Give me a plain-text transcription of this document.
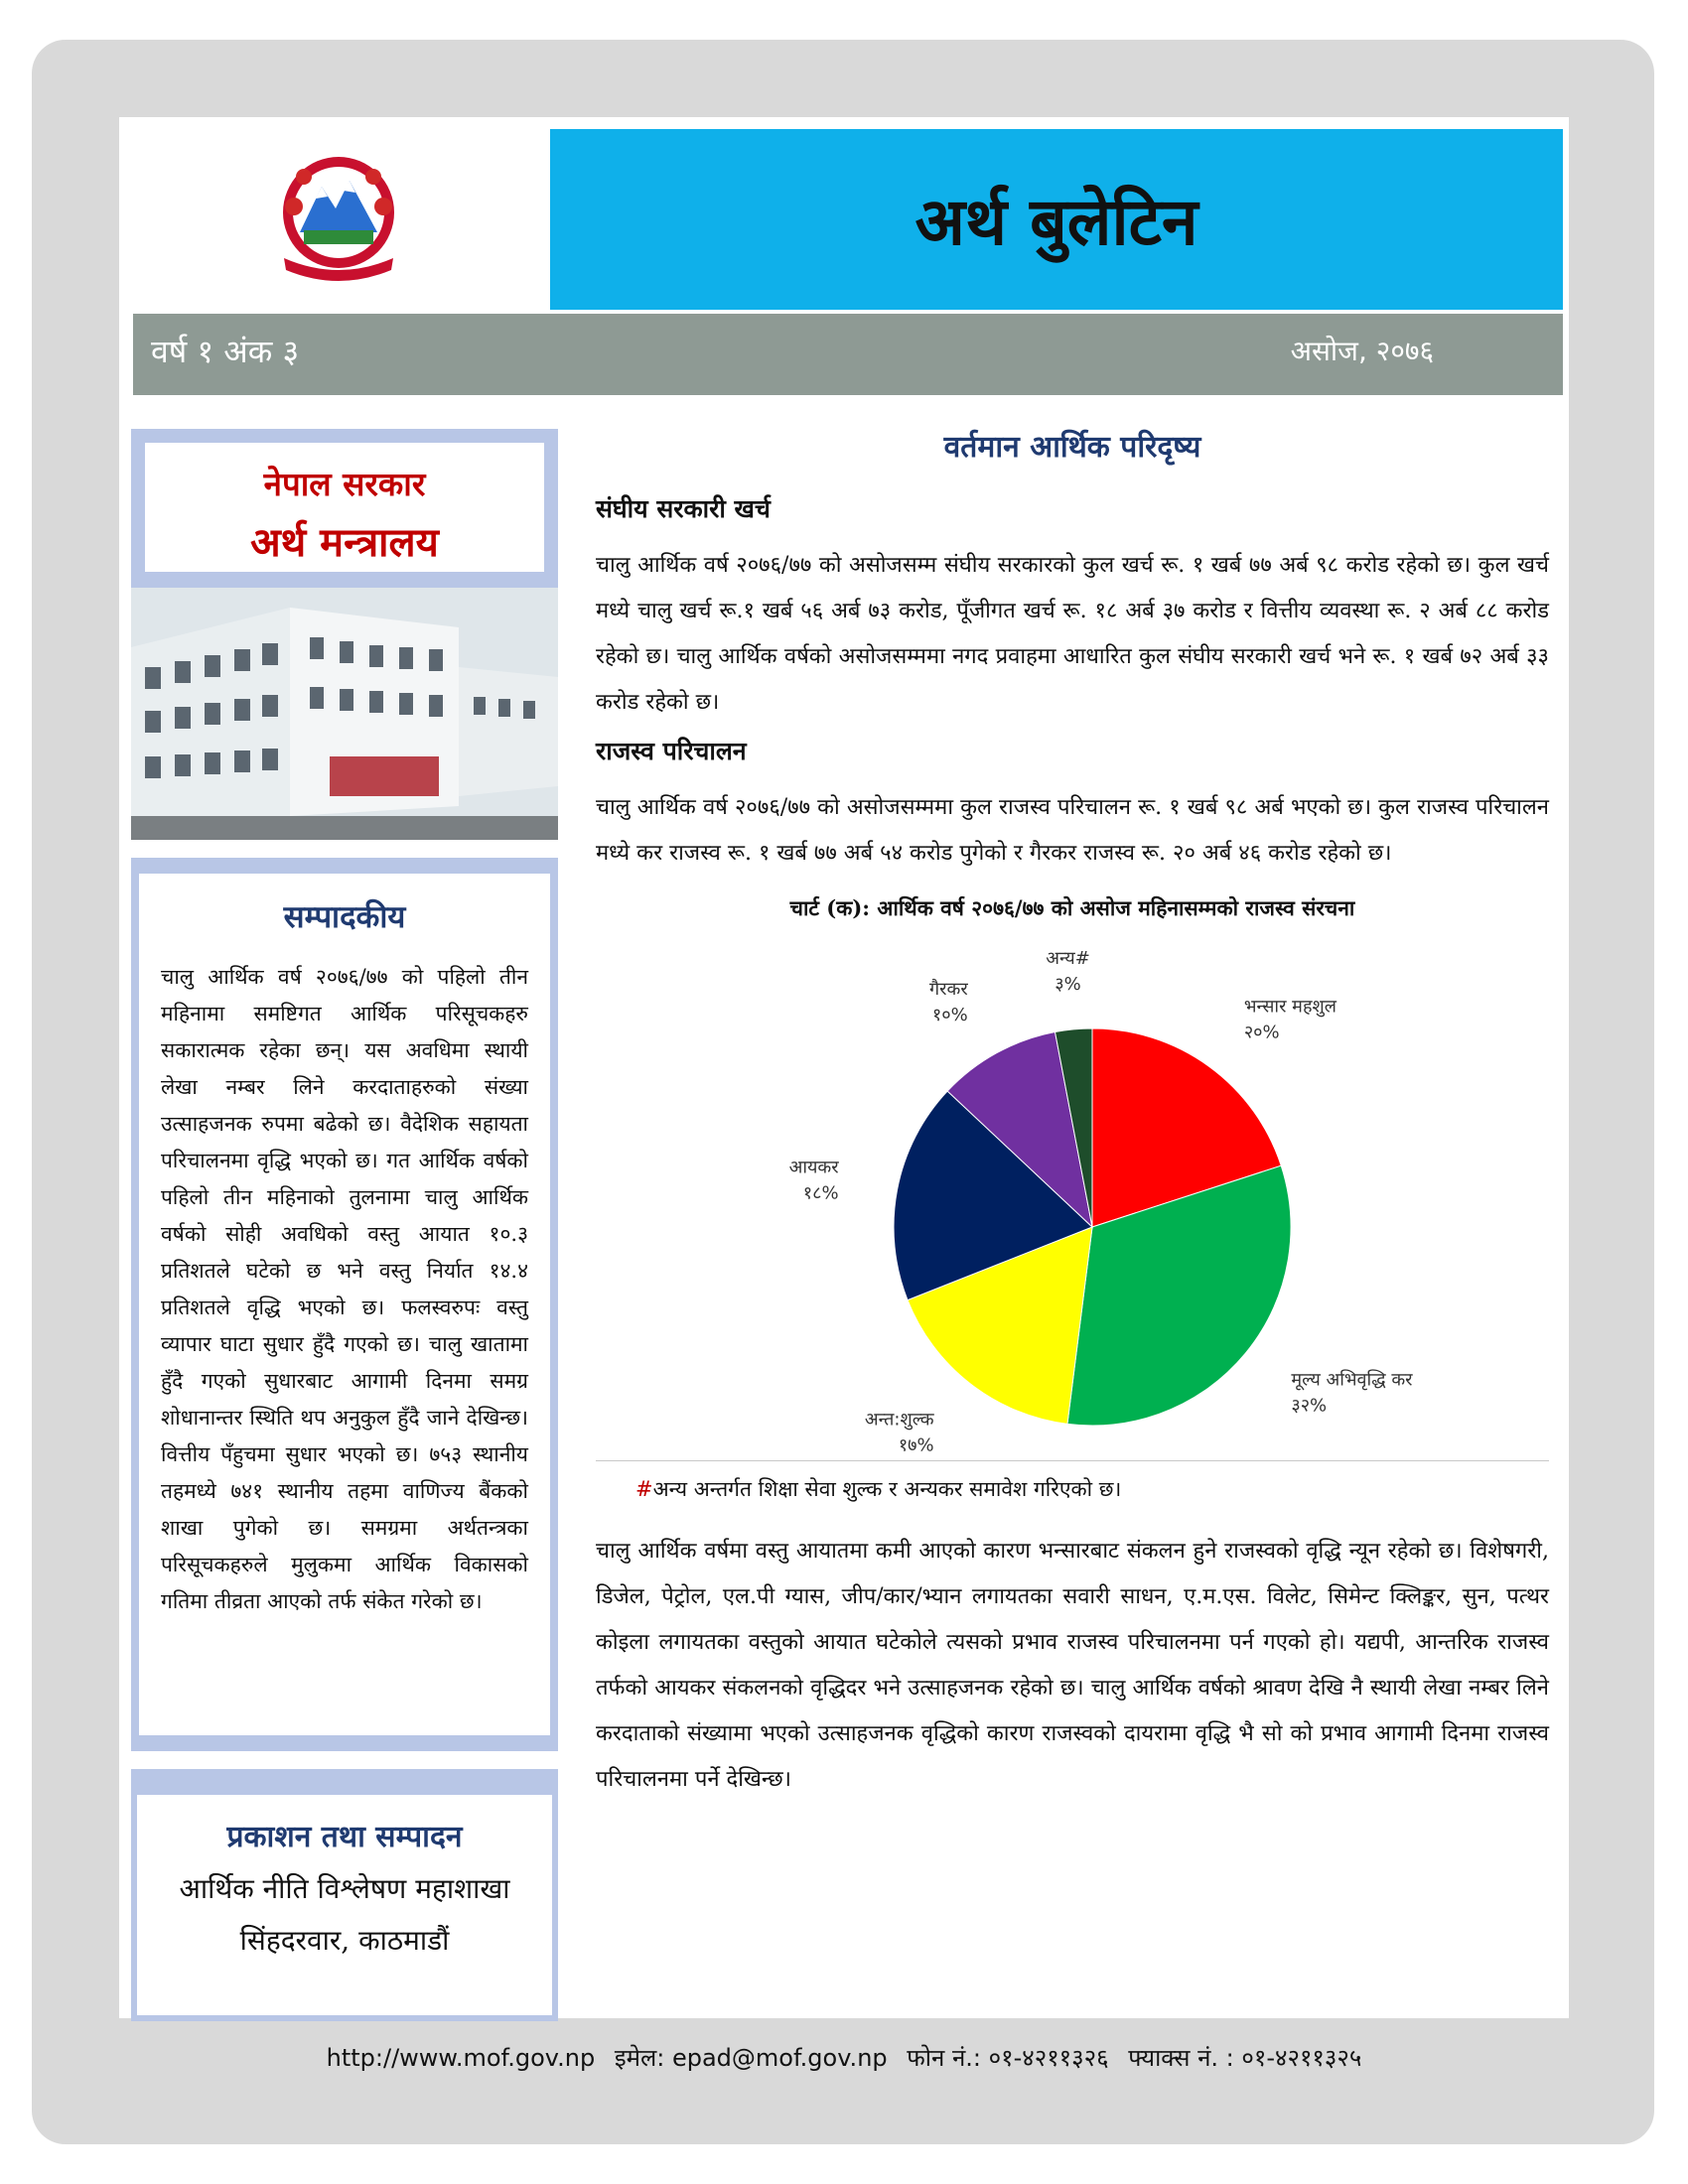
अर्थ बुलेटिन
वर्ष १ अंक ३	असोज, २०७६
नेपाल सरकार
अर्थ मन्त्रालय
सम्पादकीय
चालु आर्थिक वर्ष २०७६/७७ को पहिलो तीन महिनामा समष्टिगत आर्थिक परिसूचकहरु सकारात्मक रहेका छन्। यस अवधिमा स्थायी लेखा नम्बर लिने करदाताहरुको संख्या उत्साहजनक रुपमा बढेको छ। वैदेशिक सहायता परिचालनमा वृद्धि भएको छ। गत आर्थिक वर्षको पहिलो तीन महिनाको तुलनामा चालु आर्थिक वर्षको सोही अवधिको वस्तु आयात १०.३ प्रतिशतले घटेको छ भने वस्तु निर्यात १४.४ प्रतिशतले वृद्धि भएको छ। फलस्वरुपः वस्तु व्यापार घाटा सुधार हुँदै गएको छ। चालु खातामा हुँदै गएको सुधारबाट आगामी दिनमा समग्र शोधानान्तर स्थिति थप अनुकुल हुँदै जाने देखिन्छ। वित्तीय पँहुचमा सुधार भएको छ। ७५३ स्थानीय तहमध्ये ७४१ स्थानीय तहमा वाणिज्य बैंकको शाखा पुगेको छ। समग्रमा अर्थतन्त्रका परिसूचकहरुले मुलुकमा आर्थिक विकासको गतिमा तीव्रता आएको तर्फ संकेत गरेको छ।
प्रकाशन तथा सम्पादन
आर्थिक नीति विश्लेषण महाशाखा
सिंहदरवार, काठमाडौं
वर्तमान आर्थिक परिदृष्य
संघीय सरकारी खर्च
चालु आर्थिक वर्ष २०७६/७७ को असोजसम्म संघीय सरकारको कुल खर्च रू. १ खर्ब ७७ अर्ब ९८ करोड रहेको छ। कुल खर्च मध्ये चालु खर्च रू.१ खर्ब ५६ अर्ब ७३ करोड, पूँजीगत खर्च रू. १८ अर्ब ३७ करोड र वित्तीय व्यवस्था रू. २ अर्ब ८८ करोड रहेको छ। चालु आर्थिक वर्षको असोजसम्ममा नगद प्रवाहमा आधारित कुल संघीय सरकारी खर्च भने रू. १ खर्ब ७२ अर्ब ३३ करोड रहेको छ।
राजस्व परिचालन
चालु आर्थिक वर्ष २०७६/७७ को असोजसम्ममा कुल राजस्व परिचालन रू. १ खर्ब ९८ अर्ब भएको छ। कुल राजस्व परिचालन मध्ये कर राजस्व रू. १ खर्ब ७७ अर्ब ५४ करोड पुगेको र गैरकर राजस्व रू. २० अर्ब ४६ करोड रहेको छ।
चार्ट (क): आर्थिक वर्ष २०७६/७७ को असोज महिनासम्मको राजस्व संरचना
भन्सार महशुल
२०%
मूल्य अभिवृद्धि कर
३२%
अन्त:शुल्क
१७%
आयकर
१८%
गैरकर
१०%
अन्य#
३%
#अन्य अन्तर्गत शिक्षा सेवा शुल्क र अन्यकर समावेश गरिएको छ।
चालु आर्थिक वर्षमा वस्तु आयातमा कमी आएको कारण भन्सारबाट संकलन हुने राजस्वको वृद्धि न्यून रहेको छ। विशेषगरी, डिजेल, पेट्रोल, एल.पी ग्यास, जीप/कार/भ्यान लगायतका सवारी साधन, ए.म.एस. विलेट, सिमेन्ट क्लिङ्कर, सुन, पत्थर कोइला लगायतका वस्तुको आयात घटेकोले त्यसको प्रभाव राजस्व परिचालनमा पर्न गएको हो। यद्यपी, आन्तरिक राजस्व तर्फको आयकर संकलनको वृद्धिदर भने उत्साहजनक रहेको छ। चालु आर्थिक वर्षको श्रावण देखि नै स्थायी लेखा नम्बर लिने करदाताको संख्यामा भएको उत्साहजनक वृद्धिको कारण राजस्वको दायरामा वृद्धि भै सो को प्रभाव आगामी दिनमा राजस्व परिचालनमा पर्ने देखिन्छ।
http://www.mof.gov.np इमेल: epad@mof.gov.np फोन नं.: ०१-४२११३२६ फ्याक्स नं. : ०१-४२११३२५
